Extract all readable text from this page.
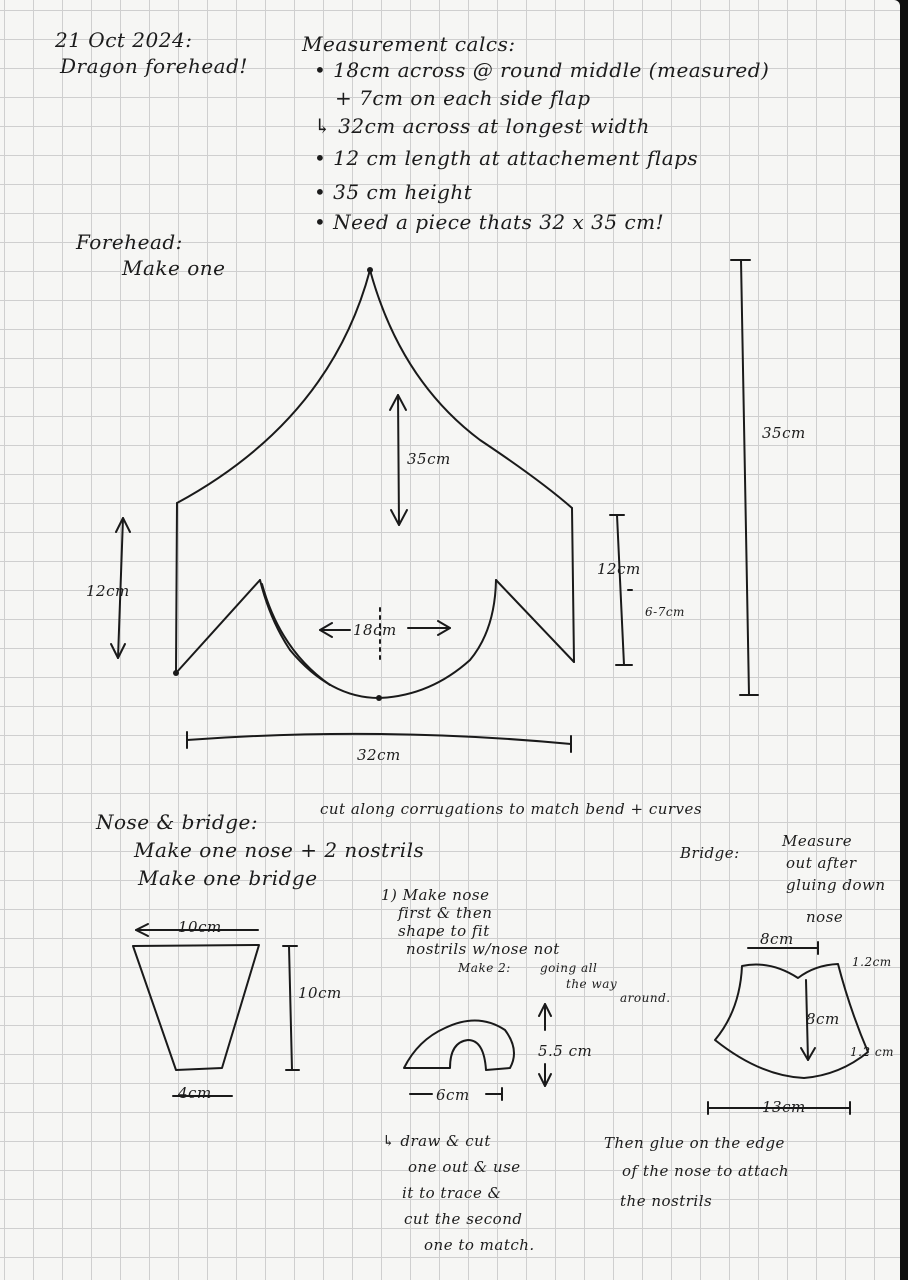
21 Oct 2024:
Dragon forehead!
Measurement calcs:
• 18cm across @ round middle (measured)
+ 7cm on each side flap
↳ 32cm across at longest width
• 12 cm length at attachement flaps
• 35 cm height
• Need a piece thats 32 x 35 cm!
Forehead:
Make one
35cm
12cm
12cm
6-7cm
18cm
32cm
35cm
Nose & bridge:
cut along corrugations to match bend + curves
Make one nose + 2 nostrils
Make one bridge
10cm
10cm
4cm
1) Make nose
first & then
shape to fit
nostrils w/nose not
Make 2: going all
the way
around.
5.5 cm
6cm
↳ draw & cut
one out & use
it to trace &
cut the second
one to match.
Bridge:
Measure
out after
gluing down
nose
8cm
1.2cm
8cm
1.2 cm
13cm
Then glue on the edge
of the nose to attach
the nostrils
